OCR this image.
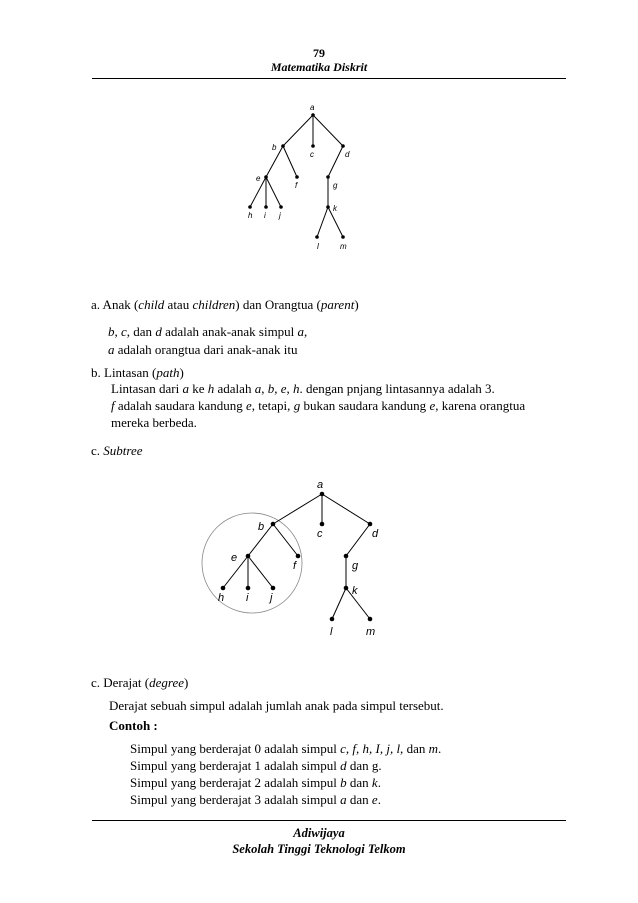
79
Matematika Diskrit
a
b
c	d
e
f	g
h i j
k
l	m
a. Anak (child atau children) dan Orangtua (parent)
b, c, dan d adalah anak-anak simpul a,
a adalah orangtua dari anak-anak itu
b. Lintasan (path)
Lintasan dari a ke h adalah a, b, e, h. dengan pnjang lintasannya adalah 3.
f adalah saudara kandung e, tetapi, g bukan saudara kandung e, karena orangtua
mereka berbeda.
c. Subtree
a
b
c	d
e
f	g
h i j
k
l	m
c. Derajat (degree)
Derajat sebuah simpul adalah jumlah anak pada simpul tersebut.
Contoh :
Simpul yang berderajat 0 adalah simpul c, f, h, I, j, l, dan m.
Simpul yang berderajat 1 adalah simpul d dan g.
Simpul yang berderajat 2 adalah simpul b dan k.
Simpul yang berderajat 3 adalah simpul a dan e.
Adiwijaya
Sekolah Tinggi Teknologi Telkom
